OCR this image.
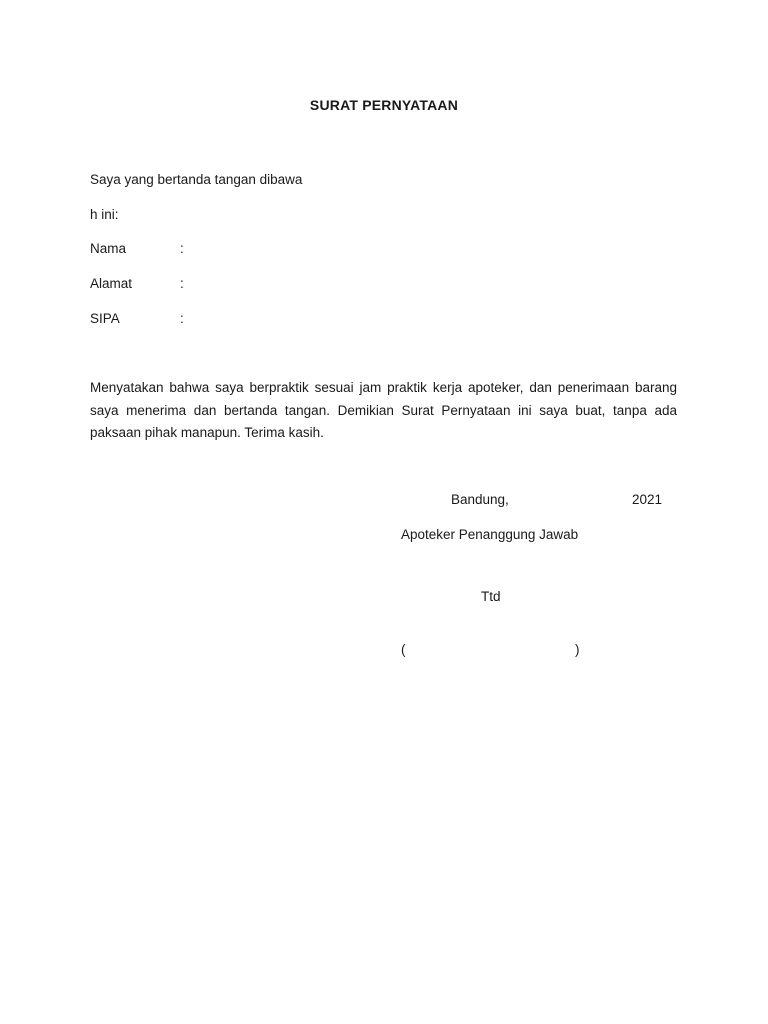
SURAT PERNYATAAN
Saya yang bertanda tangan dibawa
h ini:
Nama	:
Alamat	:
SIPA	:
Menyatakan bahwa saya berpraktik sesuai jam praktik kerja apoteker, dan penerimaan barang saya menerima dan bertanda tangan. Demikian Surat Pernyataan ini saya buat, tanpa ada paksaan pihak manapun. Terima kasih.
Bandung,	2021
Apoteker Penanggung Jawab
Ttd
(	)
